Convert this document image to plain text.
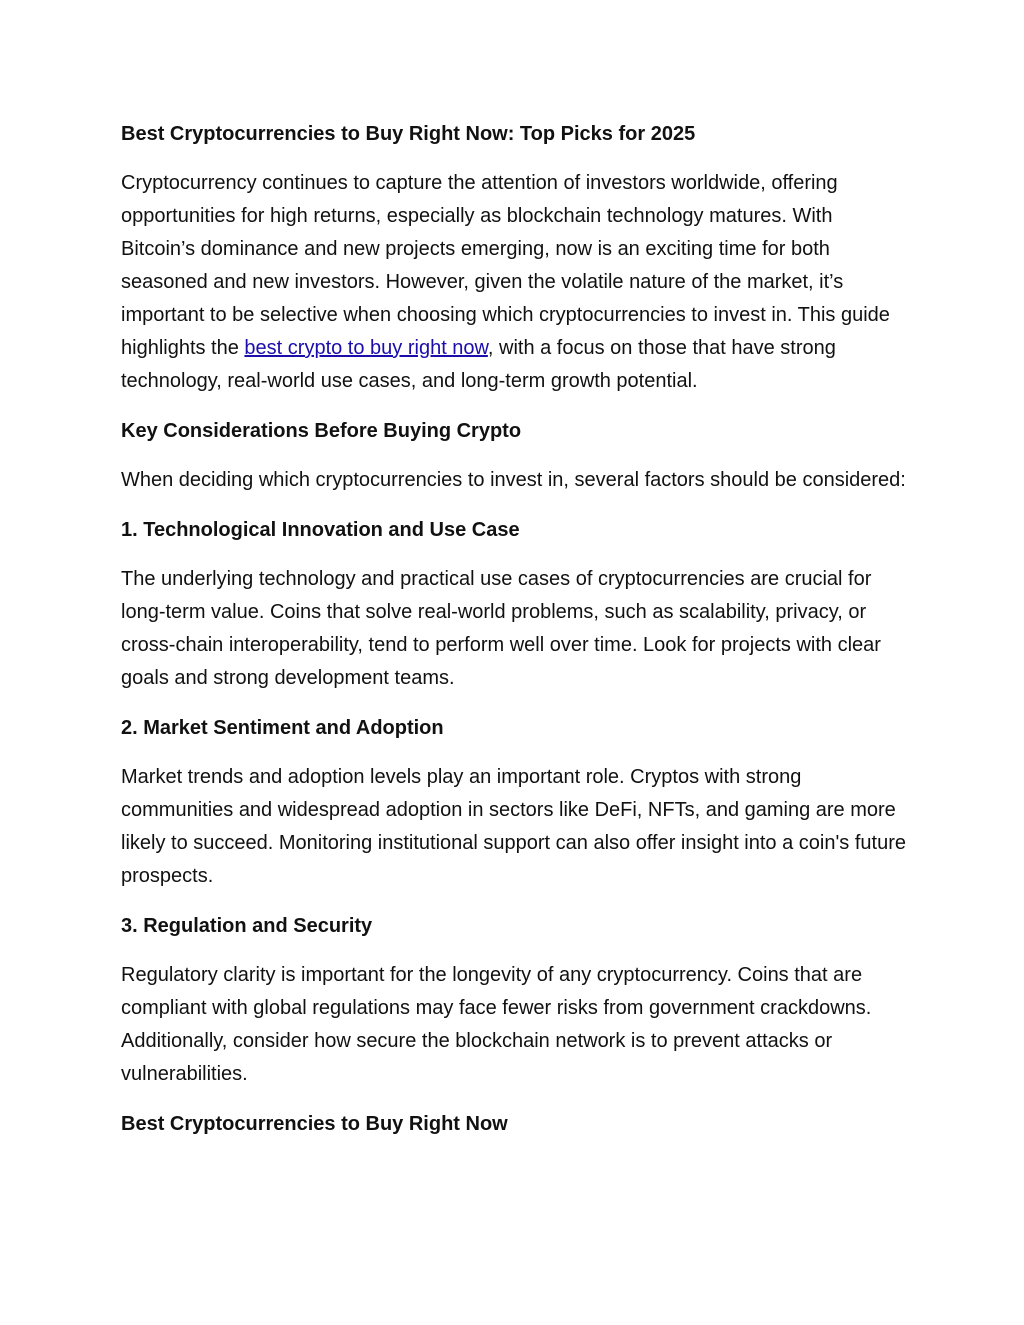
Best Cryptocurrencies to Buy Right Now: Top Picks for 2025

Cryptocurrency continues to capture the attention of investors worldwide, offering opportunities for high returns, especially as blockchain technology matures. With Bitcoin’s dominance and new projects emerging, now is an exciting time for both seasoned and new investors. However, given the volatile nature of the market, it’s important to be selective when choosing which cryptocurrencies to invest in. This guide highlights the best crypto to buy right now, with a focus on those that have strong technology, real-world use cases, and long-term growth potential.

Key Considerations Before Buying Crypto

When deciding which cryptocurrencies to invest in, several factors should be considered:

1. Technological Innovation and Use Case

The underlying technology and practical use cases of cryptocurrencies are crucial for long-term value. Coins that solve real-world problems, such as scalability, privacy, or cross-chain interoperability, tend to perform well over time. Look for projects with clear goals and strong development teams.

2. Market Sentiment and Adoption

Market trends and adoption levels play an important role. Cryptos with strong communities and widespread adoption in sectors like DeFi, NFTs, and gaming are more likely to succeed. Monitoring institutional support can also offer insight into a coin's future prospects.

3. Regulation and Security

Regulatory clarity is important for the longevity of any cryptocurrency. Coins that are compliant with global regulations may face fewer risks from government crackdowns. Additionally, consider how secure the blockchain network is to prevent attacks or vulnerabilities.

Best Cryptocurrencies to Buy Right Now
